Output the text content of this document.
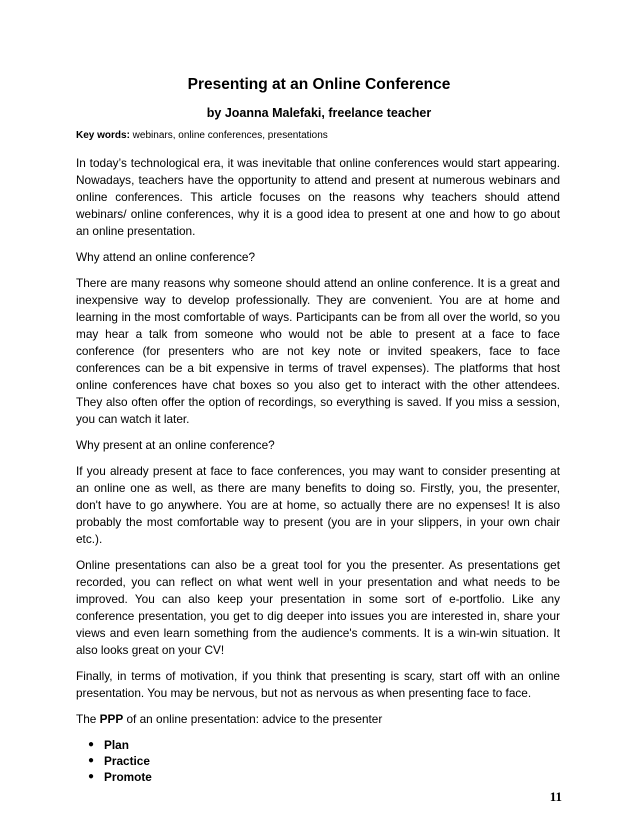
Presenting at an Online Conference
by Joanna Malefaki, freelance teacher

Key words: webinars, online conferences, presentations

In today’s technological era, it was inevitable that online conferences would start appearing. Nowadays, teachers have the opportunity to attend and present at numerous webinars and online conferences. This article focuses on the reasons why teachers should attend webinars/ online conferences, why it is a good idea to present at one and how to go about an online presentation.

Why attend an online conference?

There are many reasons why someone should attend an online conference. It is a great and inexpensive way to develop professionally. They are convenient. You are at home and learning in the most comfortable of ways. Participants can be from all over the world, so you may hear a talk from someone who would not be able to present at a face to face conference (for presenters who are not key note or invited speakers, face to face conferences can be a bit expensive in terms of travel expenses). The platforms that host online conferences have chat boxes so you also get to interact with the other attendees. They also often offer the option of recordings, so everything is saved. If you miss a session, you can watch it later.

Why present at an online conference?

If you already present at face to face conferences, you may want to consider presenting at an online one as well, as there are many benefits to doing so. Firstly, you, the presenter, don't have to go anywhere. You are at home, so actually there are no expenses! It is also probably the most comfortable way to present (you are in your slippers, in your own chair etc.).

Online presentations can also be a great tool for you the presenter. As presentations get recorded, you can reflect on what went well in your presentation and what needs to be improved. You can also keep your presentation in some sort of e-portfolio. Like any conference presentation, you get to dig deeper into issues you are interested in, share your views and even learn something from the audience's comments. It is a win-win situation. It also looks great on your CV!

Finally, in terms of motivation, if you think that presenting is scary, start off with an online presentation. You may be nervous, but not as nervous as when presenting face to face.

The PPP of an online presentation: advice to the presenter

● Plan
● Practice
● Promote
11
